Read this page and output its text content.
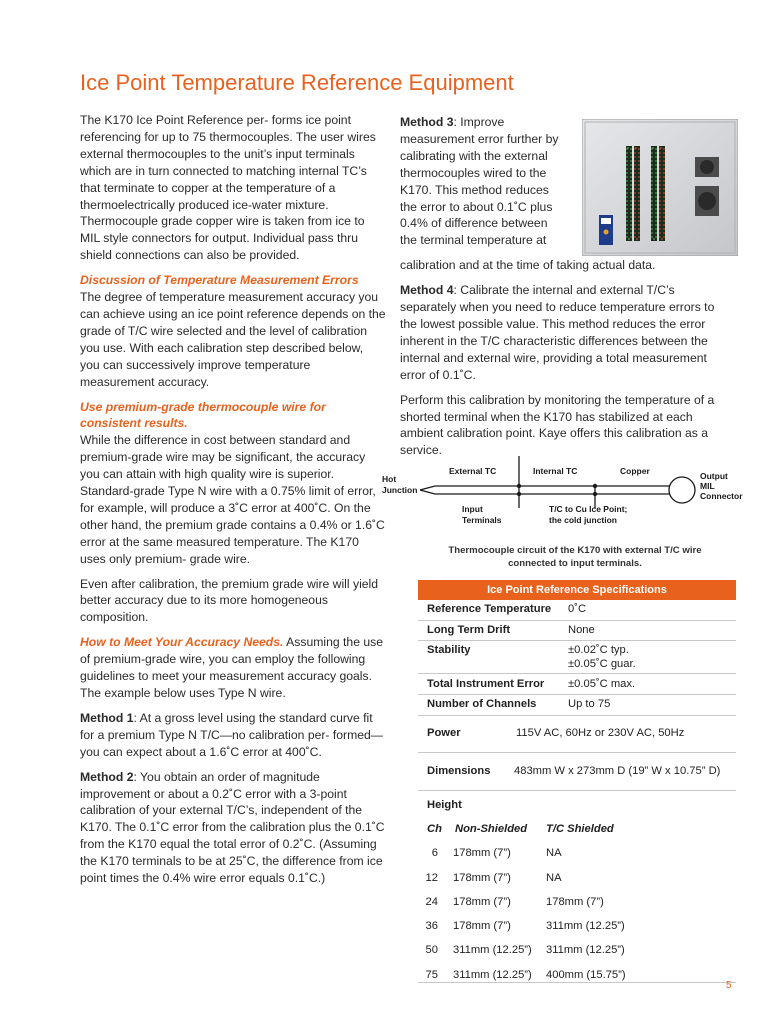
Ice Point Temperature Reference Equipment

The K170 Ice Point Reference per- forms ice point referencing for up to 75 thermocouples. The user wires external thermocouples to the unit’s input terminals which are in turn connected to matching internal TC’s that terminate to copper at the temperature of a thermoelectrically produced ice-water mixture. Thermocouple grade copper wire is taken from ice to MIL style connectors for output. Individual pass thru shield connections can also be provided.

Discussion of Temperature Measurement Errors

The degree of temperature measurement accuracy you can achieve using an ice point reference depends on the grade of T/C wire selected and the level of calibration you use. With each calibration step described below, you can successively improve temperature measurement accuracy.

Use premium-grade thermocouple wire for consistent results.

While the difference in cost between standard and premium-grade wire may be significant, the accuracy you can attain with high quality wire is superior. Standard-grade Type N wire with a 0.75% limit of error, for example, will produce a 3˚C error at 400˚C. On the other hand, the premium grade contains a 0.4% or 1.6˚C error at the same measured temperature. The K170 uses only premium- grade wire.

Even after calibration, the premium grade wire will yield better accuracy due to its more homogeneous composition.

How to Meet Your Accuracy Needs. Assuming the use of premium-grade wire, you can employ the following guidelines to meet your measurement accuracy goals. The example below uses Type N wire.

Method 1: At a gross level using the standard curve fit for a premium Type N T/C—no calibration per- formed—you can expect about a 1.6˚C error at 400˚C.

Method 2: You obtain an order of magnitude improvement or about a 0.2˚C error with a 3-point calibration of your external T/C’s, independent of the K170. The 0.1˚C error from the calibration plus the 0.1˚C from the K170 equal the total error of 0.2˚C. (Assuming the K170 terminals to be at 25˚C, the difference from ice point times the 0.4% wire error equals 0.1˚C.)

Method 3: Improve measurement error further by calibrating with the external thermocouples wired to the K170. This method reduces the error to about 0.1˚C plus 0.4% of difference between the terminal temperature at

calibration and at the time of taking actual data.

Method 4: Calibrate the internal and external T/C’s separately when you need to reduce temperature errors to the lowest possible value. This method reduces the error inherent in the T/C characteristic differences between the internal and external wire, providing a total measurement error of 0.1˚C.

Perform this calibration by monitoring the temperature of a shorted terminal when the K170 has stabilized at each ambient calibration point. Kaye offers this calibration as a service.

Hot
Junction
External TC	Internal TC	Copper	Output
MIL
Connector
Input
Terminals
T/C to Cu Ice Point;
the cold junction
Thermocouple circuit of the K170 with external T/C wire
connected to input terminals.
Ice Point Reference Specifications
Reference Temperature 0˚C
Long Term Drift	None
Stability	±0.02˚C typ.
±0.05˚C guar.
Total Instrument Error ±0.05˚C max.
Number of Channels	Up to 75
Power	115V AC, 60Hz or 230V AC, 50Hz
Dimensions 483mm W x 273mm D (19” W x 10.75” D)
Height
Ch Non-Shielded T/C Shielded
6 178mm (7”)	NA
12 178mm (7”)	NA
24 178mm (7”)	178mm (7”)
36 178mm (7”)	311mm (12.25”)
50 311mm (12.25”) 311mm (12.25”)
75 311mm (12.25”) 400mm (15.75”)
5
